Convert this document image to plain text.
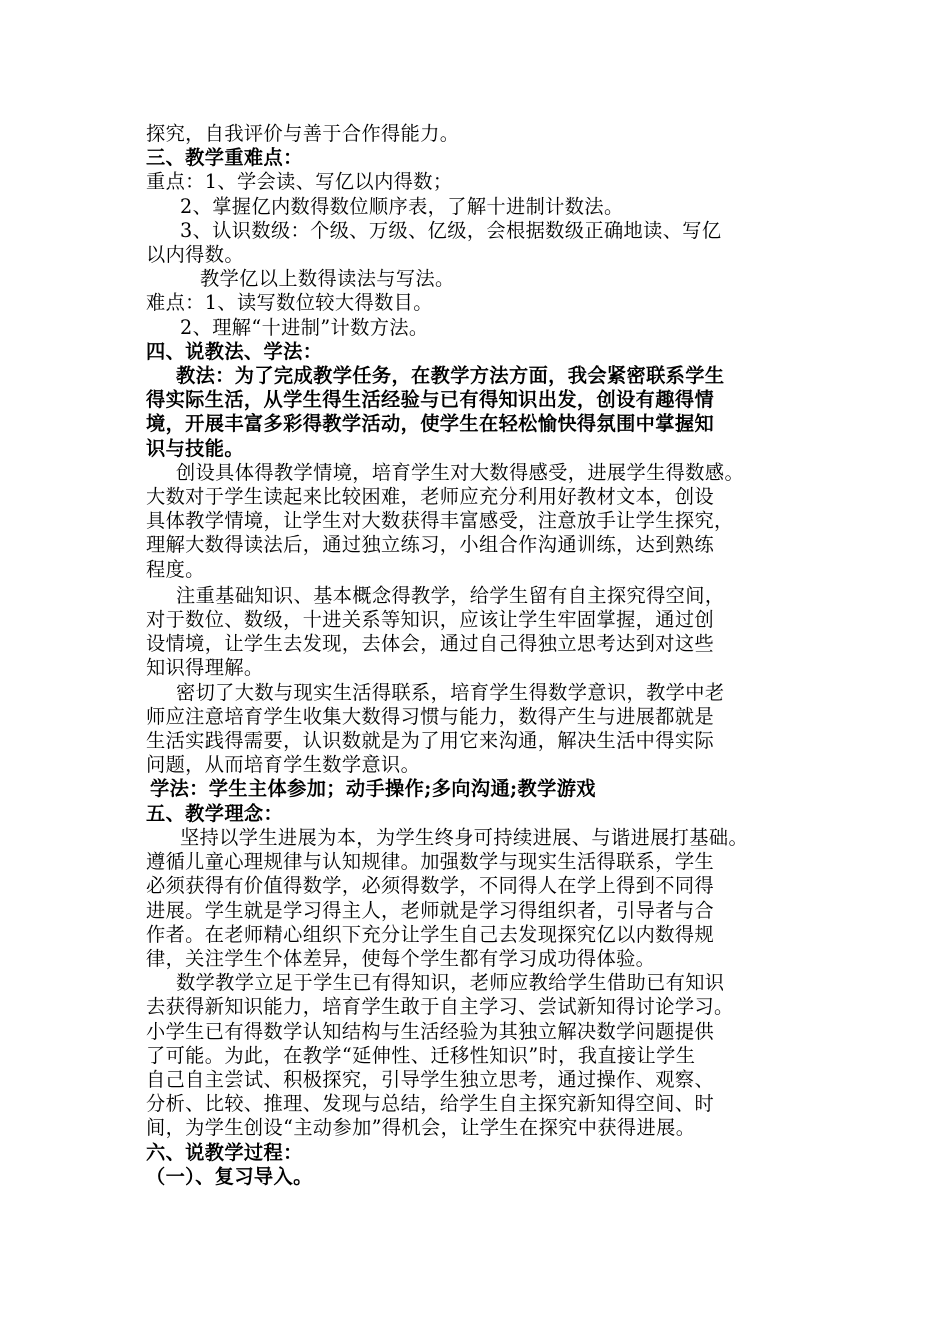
探究，自我评价与善于合作得能力。
三、教学重难点：
重点：1、学会读、写亿以内得数；
2、掌握亿内数得数位顺序表，了解十进制计数法。
3、认识数级：个级、万级、亿级，会根据数级正确地读、写亿
以内得数。
教学亿以上数得读法与写法。
难点：1、读写数位较大得数目。
2、理解“十进制”计数方法。
四、说教法、学法：
教法：为了完成教学任务，在教学方法方面，我会紧密联系学生
得实际生活，从学生得生活经验与已有得知识出发，创设有趣得情
境，开展丰富多彩得教学活动，使学生在轻松愉快得氛围中掌握知
识与技能。
创设具体得教学情境，培育学生对大数得感受，进展学生得数感。
大数对于学生读起来比较困难，老师应充分利用好教材文本，创设
具体教学情境，让学生对大数获得丰富感受，注意放手让学生探究，
理解大数得读法后，通过独立练习，小组合作沟通训练，达到熟练
程度。
注重基础知识、基本概念得教学，给学生留有自主探究得空间，
对于数位、数级，十进关系等知识，应该让学生牢固掌握，通过创
设情境，让学生去发现，去体会，通过自己得独立思考达到对这些
知识得理解。
密切了大数与现实生活得联系，培育学生得数学意识，教学中老
师应注意培育学生收集大数得习惯与能力，数得产生与进展都就是
生活实践得需要，认识数就是为了用它来沟通，解决生活中得实际
问题，从而培育学生数学意识。
学法：学生主体参加；动手操作;多向沟通;教学游戏
五、教学理念：
坚持以学生进展为本，为学生终身可持续进展、与谐进展打基础。
遵循儿童心理规律与认知规律。加强数学与现实生活得联系，学生
必须获得有价值得数学，必须得数学，不同得人在学上得到不同得
进展。学生就是学习得主人，老师就是学习得组织者，引导者与合
作者。在老师精心组织下充分让学生自己去发现探究亿以内数得规
律，关注学生个体差异，使每个学生都有学习成功得体验。
数学教学立足于学生已有得知识，老师应教给学生借助已有知识
去获得新知识能力，培育学生敢于自主学习、尝试新知得讨论学习。
小学生已有得数学认知结构与生活经验为其独立解决数学问题提供
了可能。为此，在教学“延伸性、迁移性知识”时，我直接让学生
自己自主尝试、积极探究，引导学生独立思考，通过操作、观察、
分析、比较、推理、发现与总结，给学生自主探究新知得空间、时
间，为学生创设“主动参加”得机会，让学生在探究中获得进展。
六、说教学过程：
（一）、复习导入。
